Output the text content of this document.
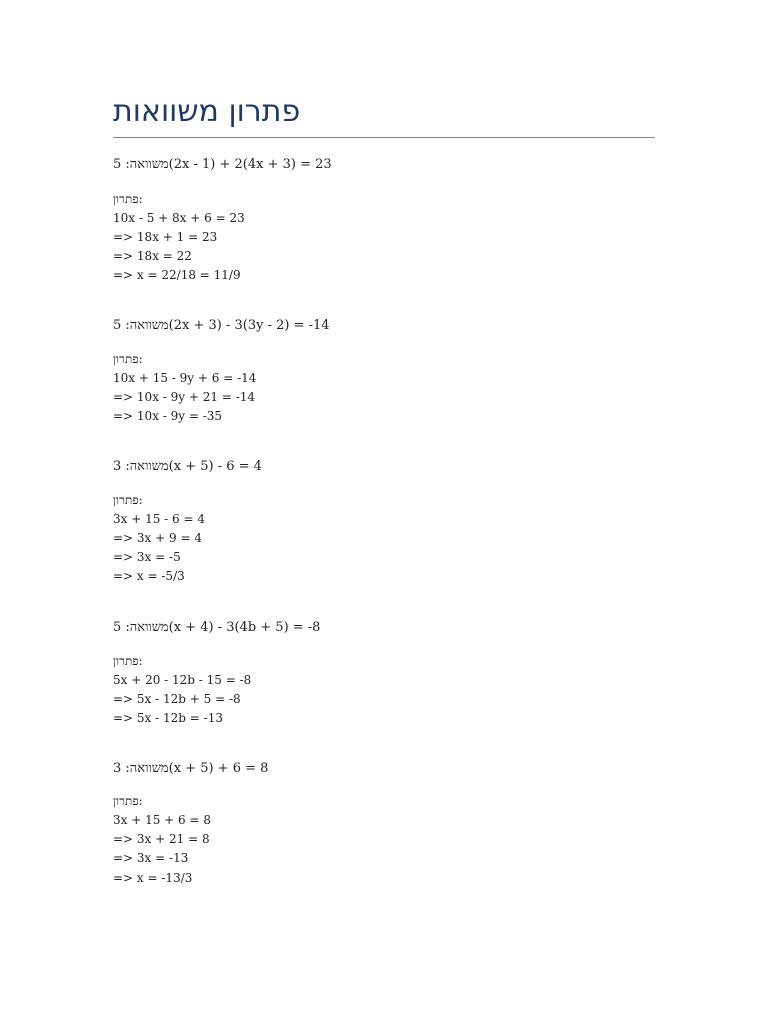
פתרון משוואות

5 :משוואה(2x - 1) + 2(4x + 3) = 23

פתרון:

10x - 5 + 8x + 6 = 23

=> 18x + 1 = 23

=> 18x = 22

=> x = 22/18 = 11/9

5 :משוואה(2x + 3) - 3(3y - 2) = -14

פתרון:

10x + 15 - 9y + 6 = -14

=> 10x - 9y + 21 = -14

=> 10x - 9y = -35

3 :משוואה(x + 5) - 6 = 4

פתרון:

3x + 15 - 6 = 4

=> 3x + 9 = 4

=> 3x = -5

=> x = -5/3

5 :משוואה(x + 4) - 3(4b + 5) = -8

פתרון:

5x + 20 - 12b - 15 = -8

=> 5x - 12b + 5 = -8

=> 5x - 12b = -13

3 :משוואה(x + 5) + 6 = 8

פתרון:

3x + 15 + 6 = 8

=> 3x + 21 = 8

=> 3x = -13

=> x = -13/3
